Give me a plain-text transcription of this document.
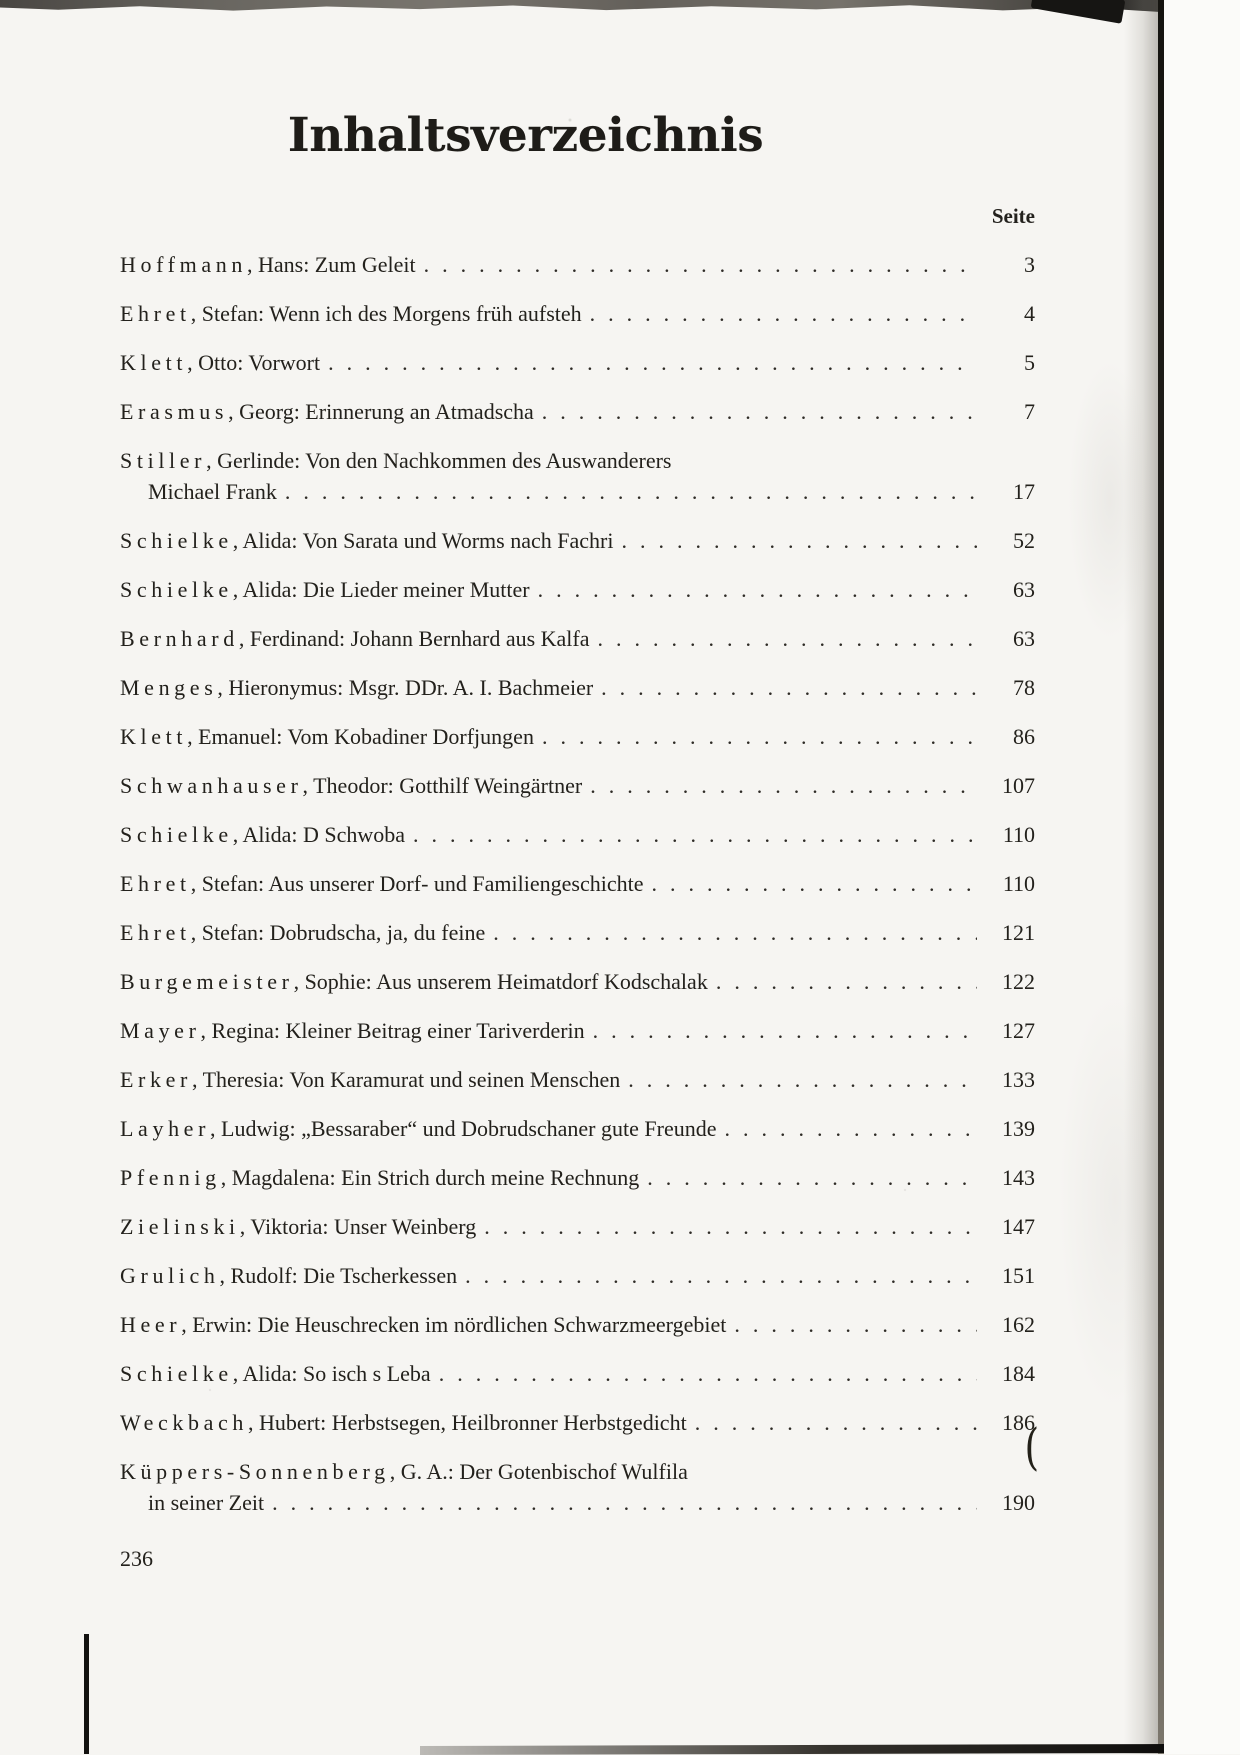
(
Inhaltsverzeichnis
Seite
Hoffmann, Hans: Zum Geleit .....	3
Ehret, Stefan: Wenn ich des Morgens früh aufsteh .....	4
Klett, Otto: Vorwort .....	5
Erasmus, Georg: Erinnerung an Atmadscha .....	7
Stiller, Gerlinde: Von den Nachkommen des Auswanderers
Michael Frank .....	17
Schielke, Alida: Von Sarata und Worms nach Fachri .....	52
Schielke, Alida: Die Lieder meiner Mutter .....	63
Bernhard, Ferdinand: Johann Bernhard aus Kalfa .....	63
Menges, Hieronymus: Msgr. DDr. A. I. Bachmeier .....	78
Klett, Emanuel: Vom Kobadiner Dorfjungen .....	86
Schwanhauser, Theodor: Gotthilf Weingärtner .....	107
Schielke, Alida: D Schwoba .....	110
Ehret, Stefan: Aus unserer Dorf- und Familiengeschichte .....	110
Ehret, Stefan: Dobrudscha, ja, du feine .....	121
Burgemeister, Sophie: Aus unserem Heimatdorf Kodschalak .....	122
Mayer, Regina: Kleiner Beitrag einer Tariverderin .....	127
Erker, Theresia: Von Karamurat und seinen Menschen .....	133
Layher, Ludwig: „Bessaraber“ und Dobrudschaner gute Freunde .....	139
Pfennig, Magdalena: Ein Strich durch meine Rechnung .....	143
Zielinski, Viktoria: Unser Weinberg .....	147
Grulich, Rudolf: Die Tscherkessen .....	151
Heer, Erwin: Die Heuschrecken im nördlichen Schwarzmeergebiet .....	162
Schielke, Alida: So isch s Leba .....	184
Weckbach, Hubert: Herbstsegen, Heilbronner Herbstgedicht .....	186
Küppers-Sonnenberg, G. A.: Der Gotenbischof Wulfila
in seiner Zeit .....	190
236
